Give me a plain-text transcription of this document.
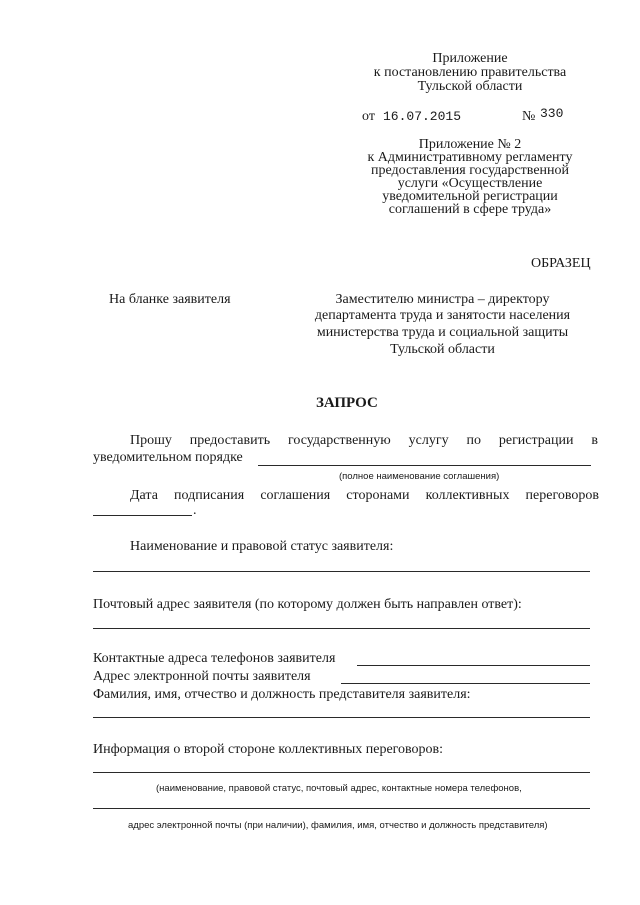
Приложение
к постановлению правительства
Тульской области
от 16.07.2015	№ 330
Приложение № 2
к Административному регламенту
предоставления государственной
услуги «Осуществление
уведомительной регистрации
соглашений в сфере труда»
ОБРАЗЕЦ
На бланке заявителя	Заместителю министра – директору
департамента труда и занятости населения
министерства труда и социальной защиты
Тульской области
ЗАПРОС
Прошу предоставить государственную услугу по регистрации в
уведомительном порядке
(полное наименование соглашения)
Дата подписания соглашения сторонами коллективных переговоров
.
Наименование и правовой статус заявителя:
Почтовый адрес заявителя (по которому должен быть направлен ответ):
Контактные адреса телефонов заявителя
Адрес электронной почты заявителя
Фамилия, имя, отчество и должность представителя заявителя:
Информация о второй стороне коллективных переговоров:
(наименование, правовой статус, почтовый адрес, контактные номера телефонов,
адрес электронной почты (при наличии), фамилия, имя, отчество и должность представителя)
